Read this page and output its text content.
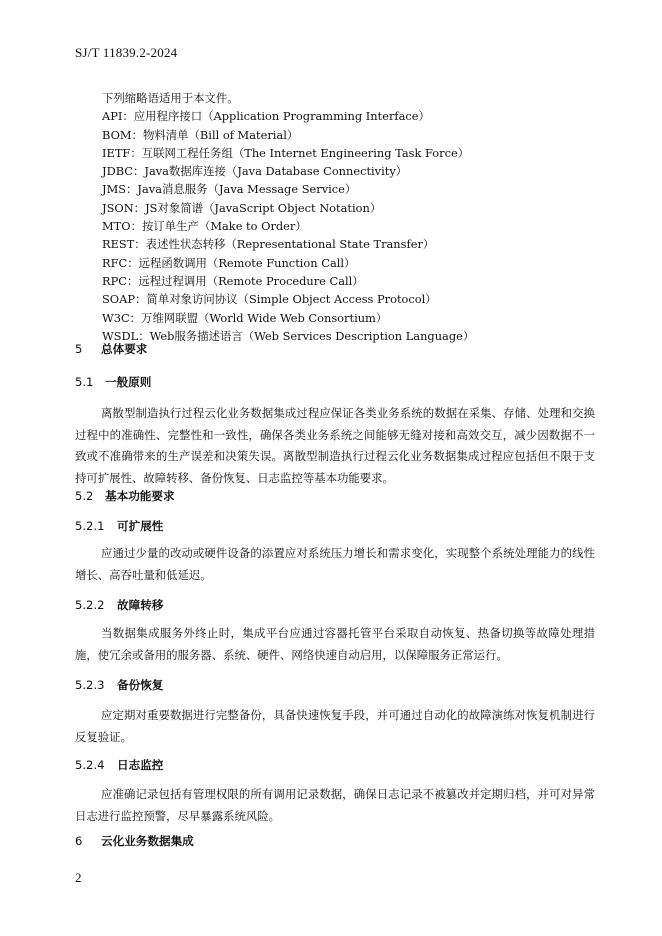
SJ/T 11839.2-2024
下列缩略语适用于本文件。
API：应用程序接口（Application Programming Interface）
BOM：物料清单（Bill of Material）
IETF：互联网工程任务组（The Internet Engineering Task Force）
JDBC：Java数据库连接（Java Database Connectivity）
JMS：Java消息服务（Java Message Service）
JSON：JS对象简谱（JavaScript Object Notation）
MTO：按订单生产（Make to Order）
REST：表述性状态转移（Representational State Transfer）
RFC：远程函数调用（Remote Function Call）
RPC：远程过程调用（Remote Procedure Call）
SOAP：简单对象访问协议（Simple Object Access Protocol）
W3C：万维网联盟（World Wide Web Consortium）
WSDL：Web服务描述语言（Web Services Description Language）
5 总体要求
5.1 一般原则
离散型制造执行过程云化业务数据集成过程应保证各类业务系统的数据在采集、存储、处理和交换过程中的准确性、完整性和一致性，确保各类业务系统之间能够无缝对接和高效交互，减少因数据不一致或不准确带来的生产误差和决策失误。离散型制造执行过程云化业务数据集成过程应包括但不限于支持可扩展性、故障转移、备份恢复、日志监控等基本功能要求。
5.2 基本功能要求
5.2.1 可扩展性
应通过少量的改动或硬件设备的添置应对系统压力增长和需求变化，实现整个系统处理能力的线性增长、高吞吐量和低延迟。
5.2.2 故障转移
当数据集成服务外终止时，集成平台应通过容器托管平台采取自动恢复、热备切换等故障处理措施，使冗余或备用的服务器、系统、硬件、网络快速自动启用，以保障服务正常运行。
5.2.3 备份恢复
应定期对重要数据进行完整备份，具备快速恢复手段，并可通过自动化的故障演练对恢复机制进行反复验证。
5.2.4 日志监控
应准确记录包括有管理权限的所有调用记录数据，确保日志记录不被篡改并定期归档，并可对异常日志进行监控预警，尽早暴露系统风险。
6 云化业务数据集成
2
